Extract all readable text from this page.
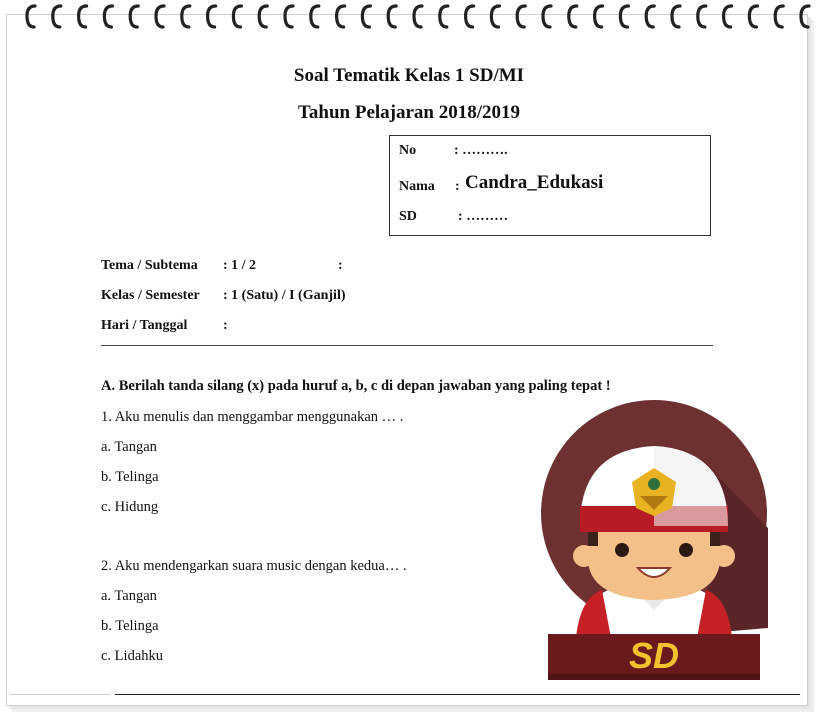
Soal Tematik Kelas 1 SD/MI
Tahun Pelajaran 2018/2019
No	: ……….
Nama : Candra_Edukasi
SD	: ………
Tema / Subtema : 1 / 2	:
Kelas / Semester : 1 (Satu) / I (Ganjil)
Hari / Tanggal	:
A. Berilah tanda silang (x) pada huruf a, b, c di depan jawaban yang paling tepat !
1. Aku menulis dan menggambar menggunakan … .
a. Tangan
b. Telinga
c. Hidung
2. Aku mendengarkan suara music dengan kedua… .
a. Tangan
b. Telinga
c. Lidahku	SD
